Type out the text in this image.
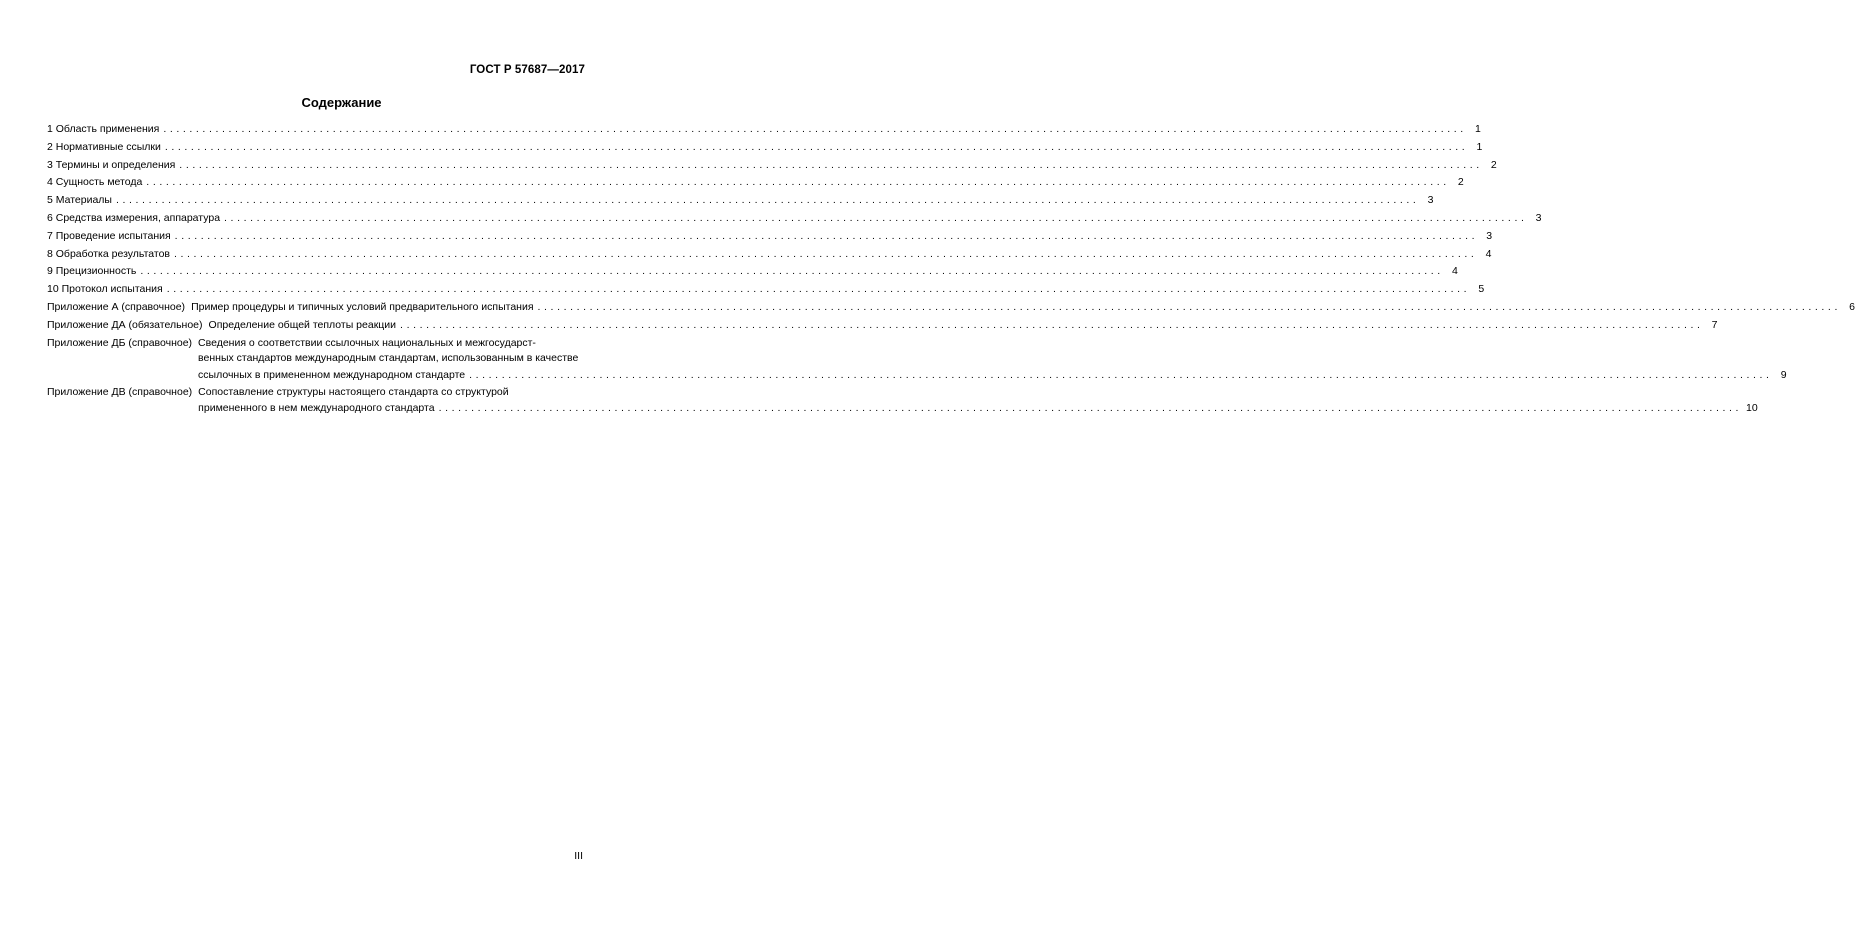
ГОСТ Р 57687—2017
Содержание
1 Область применения ........................................................................................................................................................................................................ 1
2 Нормативные ссылки ........................................................................................................................................................................................................ 1
3 Термины и определения ........................................................................................................................................................................................................ 2
4 Сущность метода ........................................................................................................................................................................................................ 2
5 Материалы ........................................................................................................................................................................................................ 3
6 Средства измерения, аппаратура ........................................................................................................................................................................................................ 3
7 Проведение испытания ........................................................................................................................................................................................................ 3
8 Обработка результатов ........................................................................................................................................................................................................ 4
9 Прецизионность ........................................................................................................................................................................................................ 4
10 Протокол испытания ........................................................................................................................................................................................................ 5
Приложение А (справочное) Пример процедуры и типичных условий предварительного испытания ........................................................................................................................................................................................................ 6
Приложение ДА (обязательное) Определение общей теплоты реакции ........................................................................................................................................................................................................ 7
Приложение ДБ (справочное) Сведения о соответствии ссылочных национальных и межгосударст-
венных стандартов международным стандартам, использованным в качестве
ссылочных в примененном международном стандарте ........................................................................................................................................................................................................ 9
Приложение ДВ (справочное) Сопоставление структуры настоящего стандарта со структурой
примененного в нем международного стандарта ........................................................................................................................................................................................................ 10
III
